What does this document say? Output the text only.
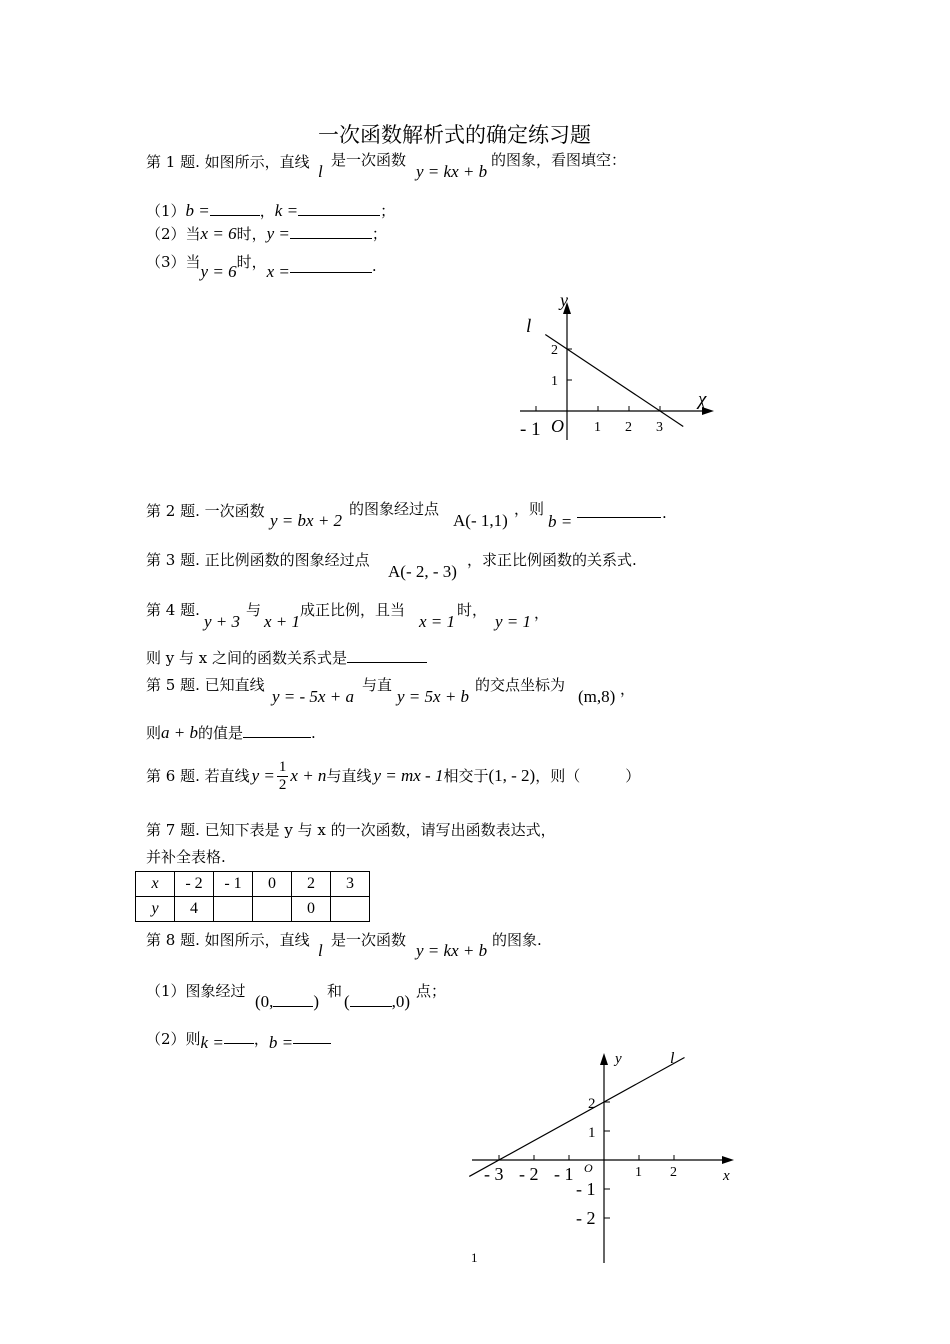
一次函数解析式的确定练习题
第 1 题. 如图所示，直线 l
是一次函数
y = kx + b
的图象，看图填空：
（1）b =	，k =	；
（2）当x = 6时，y =	；
（3）当y = 6时，x =	.
- 1	1 2 3
1
2
y
χ
l
O
第 2 题. 一次函数 y = bx + 2
的图象经过点
A(- 1,1)
，则
b =	.
第 3 题. 正比例函数的图象经过点
A(- 2, - 3)
，求正比例函数的关系式.
第 4 题.
y + 3
与
x + 1
成正比例，且当
x = 1
时，
y = 1 ，
则 y 与 x 之间的函数关系式是
第 5 题. 已知直线
y = - 5x + a
与直
y = 5x + b
的交点坐标为
(m,8) ，
则a + b的值是	.
第 6 题. 若直线 $y = \frac{1}{2}$ x + n 与直线 y = mx - 1 相交于 (1, - 2) ，则（　　　）
第 7 题. 已知下表是 y 与 x 的一次函数，请写出函数表达式，
并补全表格.
x	- 2	- 1	0	2	3
y	4			0	
第 8 题. 如图所示，直线
l
是一次函数
y = kx + b
的图象.
（1）图象经过
(0, )
和
( ,0)
点；
（2）则k = ，b =
- 3 - 2 - 1	1 2
2
1
- 1
- 2
y
x
l
O
1
